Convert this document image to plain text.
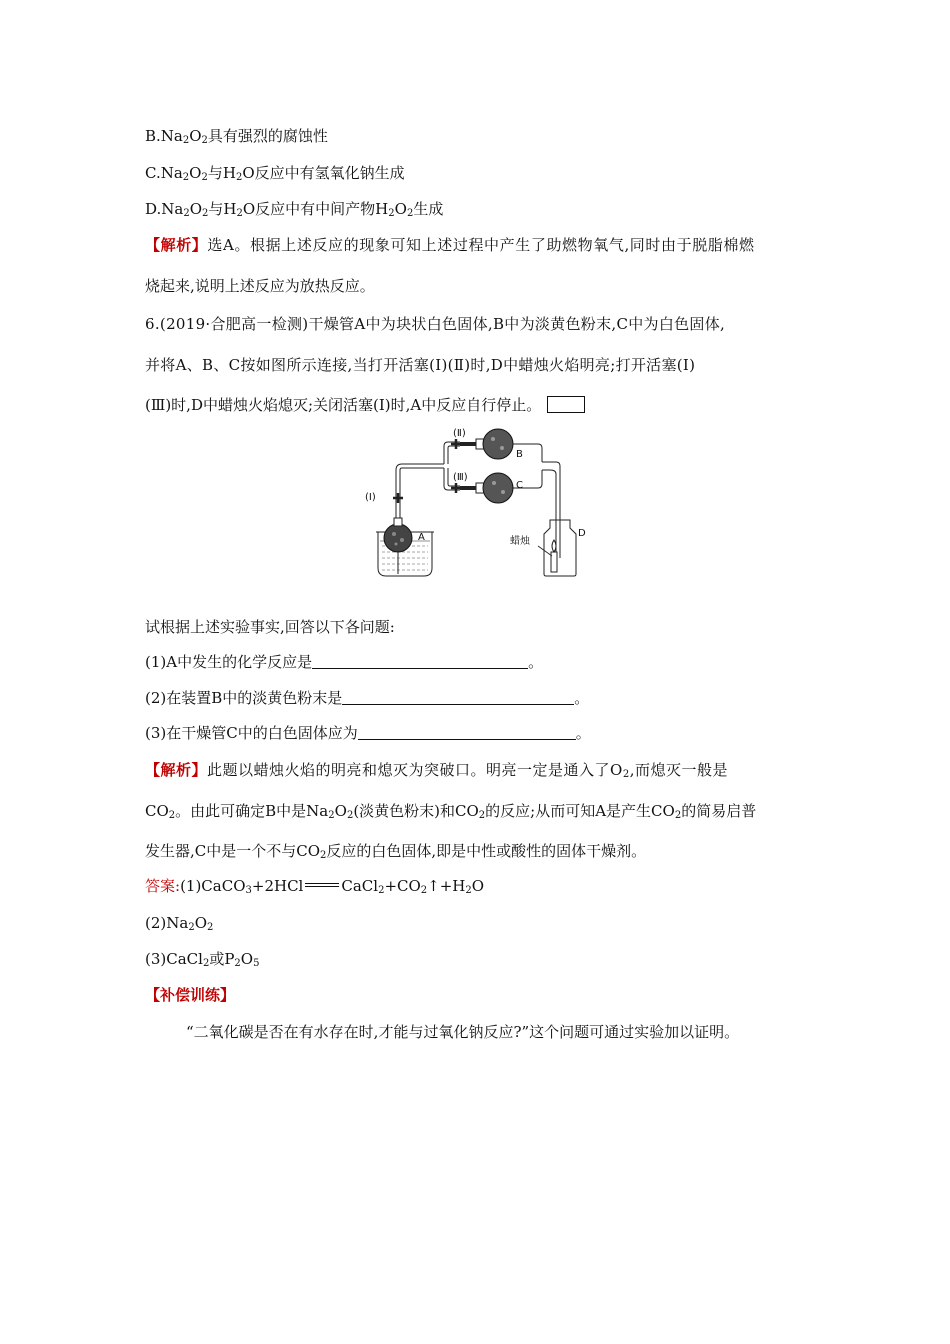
$B.Na_2O_2$具有强烈的腐蚀性
$C.Na_2O_2$与$H_2O$反应中有氢氧化钠生成
$D.Na_2O_2$与$H_2O$反应中有中间产物$H_2O_2$生成
【解析】选A。根据上述反应的现象可知上述过程中产生了助燃物氧气,同时由于脱脂棉燃
烧起来,说明上述反应为放热反应。
6.(2019·合肥高一检测)干燥管A中为块状白色固体,B中为淡黄色粉末,C中为白色固体,
并将A、B、C按如图所示连接,当打开活塞(Ⅰ)(Ⅱ)时,D中蜡烛火焰明亮;打开活塞(Ⅰ)
(Ⅲ)时,D中蜡烛火焰熄灭;关闭活塞(Ⅰ)时,A中反应自行停止。
(Ⅰ)
(Ⅱ)
(Ⅲ)
A
B
C
D
蜡烛
试根据上述实验事实,回答以下各问题:
(1)A中发生的化学反应是	。
(2)在装置B中的淡黄色粉末是	。
(3)在干燥管C中的白色固体应为	。
【解析】此题以蜡烛火焰的明亮和熄灭为突破口。明亮一定是通入了$O_2$,而熄灭一般是
$CO_2$。由此可确定B中是$Na_2O_2$(淡黄色粉末)和$CO_2$的反应;从而可知A是产生$CO_2$的简易启普
发生器,C中是一个不与$CO_2$反应的白色固体,即是中性或酸性的固体干燥剂。
答案:(1)CaCO$_3$+2HCl	$CaCl_2+CO_2↑+H_2O$
$(2)Na_2O_2$
(3)CaCl$_2$或$P_2O_5$
【补偿训练】
“二氧化碳是否在有水存在时,才能与过氧化钠反应?”这个问题可通过实验加以证明。
